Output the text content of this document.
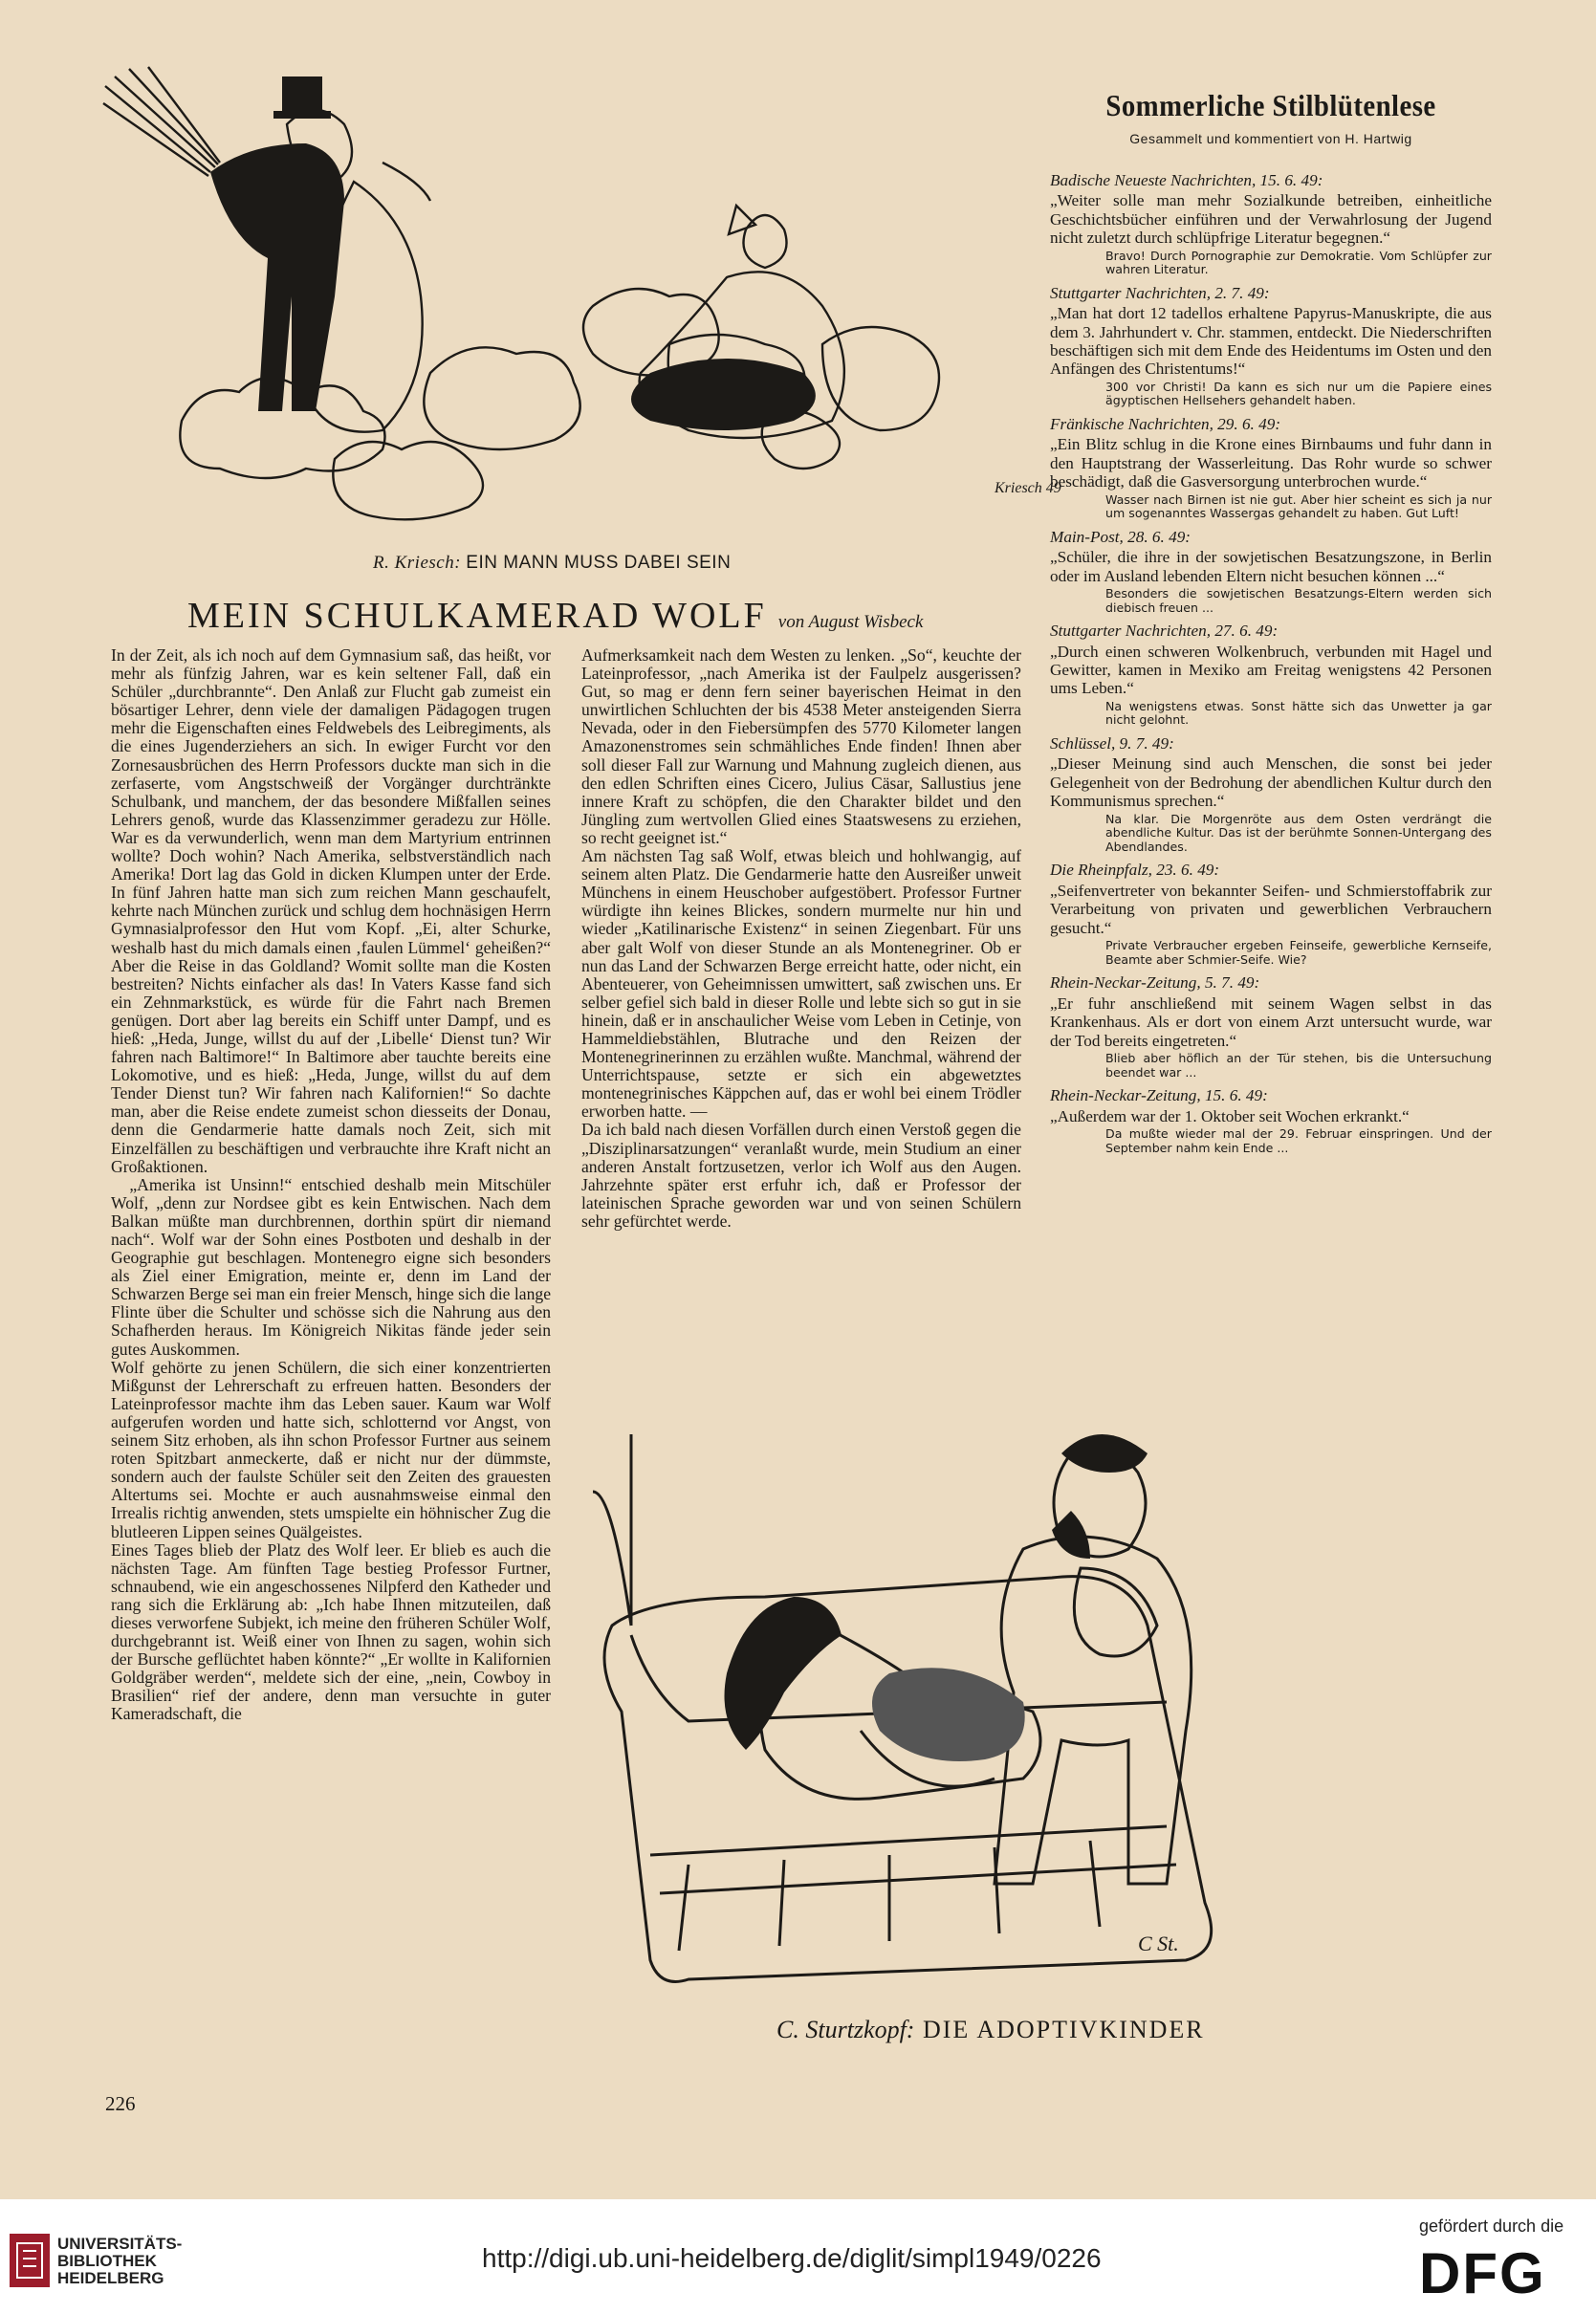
Kriesch 49
R. Kriesch: EIN MANN MUSS DABEI SEIN
MEIN SCHULKAMERAD WOLF von August Wisbeck

In der Zeit, als ich noch auf dem Gymnasium saß, das heißt, vor mehr als fünfzig Jahren, war es kein seltener Fall, daß ein Schüler „durchbrannte“. Den Anlaß zur Flucht gab zumeist ein bösartiger Lehrer, denn viele der damaligen Pädagogen trugen mehr die Eigenschaften eines Feldwebels des Leibregiments, als die eines Jugenderziehers an sich. In ewiger Furcht vor den Zornesausbrüchen des Herrn Professors duckte man sich in die zerfaserte, vom Angstschweiß der Vorgänger durchtränkte Schulbank, und manchem, der das besondere Mißfallen seines Lehrers genoß, wurde das Klassenzimmer geradezu zur Hölle. War es da verwunderlich, wenn man dem Martyrium entrinnen wollte? Doch wohin? Nach Amerika, selbstverständlich nach Amerika! Dort lag das Gold in dicken Klumpen unter der Erde. In fünf Jahren hatte man sich zum reichen Mann geschaufelt, kehrte nach München zurück und schlug dem hochnäsigen Herrn Gymnasialprofessor den Hut vom Kopf. „Ei, alter Schurke, weshalb hast du mich damals einen ‚faulen Lümmel‘ geheißen?“ Aber die Reise in das Goldland? Womit sollte man die Kosten bestreiten? Nichts einfacher als das! In Vaters Kasse fand sich ein Zehnmarkstück, es würde für die Fahrt nach Bremen genügen. Dort aber lag bereits ein Schiff unter Dampf, und es hieß: „Heda, Junge, willst du auf der ‚Libelle‘ Dienst tun? Wir fahren nach Baltimore!“ In Baltimore aber tauchte bereits eine Lokomotive, und es hieß: „Heda, Junge, willst du auf dem Tender Dienst tun? Wir fahren nach Kalifornien!“ So dachte man, aber die Reise endete zumeist schon diesseits der Donau, denn die Gendarmerie hatte damals noch Zeit, sich mit Einzelfällen zu beschäftigen und verbrauchte ihre Kraft nicht an Großaktionen.

„Amerika ist Unsinn!“ entschied deshalb mein Mitschüler Wolf, „denn zur Nordsee gibt es kein Entwischen. Nach dem Balkan müßte man durchbrennen, dorthin spürt dir niemand nach“. Wolf war der Sohn eines Postboten und deshalb in der Geographie gut beschlagen. Montenegro eigne sich besonders als Ziel einer Emigration, meinte er, denn im Land der Schwarzen Berge sei man ein freier Mensch, hinge sich die lange Flinte über die Schulter und schösse sich die Nahrung aus den Schafherden heraus. Im Königreich Nikitas fände jeder sein gutes Auskommen.

Wolf gehörte zu jenen Schülern, die sich einer konzentrierten Mißgunst der Lehrerschaft zu erfreuen hatten. Besonders der Lateinprofessor machte ihm das Leben sauer. Kaum war Wolf aufgerufen worden und hatte sich, schlotternd vor Angst, von seinem Sitz erhoben, als ihn schon Professor Furtner aus seinem roten Spitzbart anmeckerte, daß er nicht nur der dümmste, sondern auch der faulste Schüler seit den Zeiten des grauesten Altertums sei. Mochte er auch ausnahmsweise einmal den Irrealis richtig anwenden, stets umspielte ein höhnischer Zug die blutleeren Lippen seines Quälgeistes.

Eines Tages blieb der Platz des Wolf leer. Er blieb es auch die nächsten Tage. Am fünften Tage bestieg Professor Furtner, schnaubend, wie ein angeschossenes Nilpferd den Katheder und rang sich die Erklärung ab: „Ich habe Ihnen mitzuteilen, daß dieses verworfene Subjekt, ich meine den früheren Schüler Wolf, durchgebrannt ist. Weiß einer von Ihnen zu sagen, wohin sich der Bursche geflüchtet haben könnte?“ „Er wollte in Kalifornien Goldgräber werden“, meldete sich der eine, „nein, Cowboy in Brasilien“ rief der andere, denn man versuchte in guter Kameradschaft, die

Aufmerksamkeit nach dem Westen zu lenken. „So“, keuchte der Lateinprofessor, „nach Amerika ist der Faulpelz ausgerissen? Gut, so mag er denn fern seiner bayerischen Heimat in den unwirtlichen Schluchten der bis 4538 Meter ansteigenden Sierra Nevada, oder in den Fiebersümpfen des 5770 Kilometer langen Amazonenstromes sein schmähliches Ende finden! Ihnen aber soll dieser Fall zur Warnung und Mahnung zugleich dienen, aus den edlen Schriften eines Cicero, Julius Cäsar, Sallustius jene innere Kraft zu schöpfen, die den Charakter bildet und den Jüngling zum wertvollen Glied eines Staatswesens zu erziehen, so recht geeignet ist.“

Am nächsten Tag saß Wolf, etwas bleich und hohlwangig, auf seinem alten Platz. Die Gendarmerie hatte den Ausreißer unweit Münchens in einem Heuschober aufgestöbert. Professor Furtner würdigte ihn keines Blickes, sondern murmelte nur hin und wieder „Katilinarische Existenz“ in seinen Ziegenbart. Für uns aber galt Wolf von dieser Stunde an als Montenegriner. Ob er nun das Land der Schwarzen Berge erreicht hatte, oder nicht, ein Abenteuerer, von Geheimnissen umwittert, saß zwischen uns. Er selber gefiel sich bald in dieser Rolle und lebte sich so gut in sie hinein, daß er in anschaulicher Weise vom Leben in Cetinje, von Hammeldiebstählen, Blutrache und den Reizen der Montenegrinerinnen zu erzählen wußte. Manchmal, während der Unterrichtspause, setzte er sich ein abgewetztes montenegrinisches Käppchen auf, das er wohl bei einem Trödler erworben hatte. —

Da ich bald nach diesen Vorfällen durch einen Verstoß gegen die „Disziplinarsatzungen“ veranlaßt wurde, mein Studium an einer anderen Anstalt fortzusetzen, verlor ich Wolf aus den Augen. Jahrzehnte später erst erfuhr ich, daß er Professor der lateinischen Sprache geworden war und von seinen Schülern sehr gefürchtet werde.

Sommerliche Stilblütenlese
Gesammelt und kommentiert von H. Hartwig
Badische Neueste Nachrichten, 15. 6. 49:

„Weiter solle man mehr Sozialkunde betreiben, einheitliche Geschichtsbücher einführen und der Verwahrlosung der Jugend nicht zuletzt durch schlüpfrige Literatur begegnen.“

Bravo! Durch Pornographie zur Demokratie. Vom Schlüpfer zur wahren Literatur.

Stuttgarter Nachrichten, 2. 7. 49:

„Man hat dort 12 tadellos erhaltene Papyrus-Manuskripte, die aus dem 3. Jahrhundert v. Chr. stammen, entdeckt. Die Niederschriften beschäftigen sich mit dem Ende des Heidentums im Osten und den Anfängen des Christentums!“

300 vor Christi! Da kann es sich nur um die Papiere eines ägyptischen Hellsehers gehandelt haben.

Fränkische Nachrichten, 29. 6. 49:

„Ein Blitz schlug in die Krone eines Birnbaums und fuhr dann in den Hauptstrang der Wasserleitung. Das Rohr wurde so schwer beschädigt, daß die Gasversorgung unterbrochen wurde.“

Wasser nach Birnen ist nie gut. Aber hier scheint es sich ja nur um sogenanntes Wassergas gehandelt zu haben. Gut Luft!

Main-Post, 28. 6. 49:

„Schüler, die ihre in der sowjetischen Besatzungszone, in Berlin oder im Ausland lebenden Eltern nicht besuchen können ...“

Besonders die sowjetischen Besatzungs-Eltern werden sich diebisch freuen ...

Stuttgarter Nachrichten, 27. 6. 49:

„Durch einen schweren Wolkenbruch, verbunden mit Hagel und Gewitter, kamen in Mexiko am Freitag wenigstens 42 Personen ums Leben.“

Na wenigstens etwas. Sonst hätte sich das Unwetter ja gar nicht gelohnt.

Schlüssel, 9. 7. 49:

„Dieser Meinung sind auch Menschen, die sonst bei jeder Gelegenheit von der Bedrohung der abendlichen Kultur durch den Kommunismus sprechen.“

Na klar. Die Morgenröte aus dem Osten verdrängt die abendliche Kultur. Das ist der berühmte Sonnen-Untergang des Abendlandes.

Die Rheinpfalz, 23. 6. 49:

„Seifenvertreter von bekannter Seifen- und Schmierstoffabrik zur Verarbeitung von privaten und gewerblichen Verbrauchern gesucht.“

Private Verbraucher ergeben Feinseife, gewerbliche Kernseife, Beamte aber Schmier-Seife. Wie?

Rhein-Neckar-Zeitung, 5. 7. 49:

„Er fuhr anschließend mit seinem Wagen selbst in das Krankenhaus. Als er dort von einem Arzt untersucht wurde, war der Tod bereits eingetreten.“

Blieb aber höflich an der Tür stehen, bis die Untersuchung beendet war ...

Rhein-Neckar-Zeitung, 15. 6. 49:

„Außerdem war der 1. Oktober seit Wochen erkrankt.“

Da mußte wieder mal der 29. Februar einspringen. Und der September nahm kein Ende ...

C St.
C. Sturtzkopf: DIE ADOPTIVKINDER
226
UNIVERSITÄTS-
BIBLIOTHEK
HEIDELBERG
http://digi.ub.uni-heidelberg.de/diglit/simpl1949/0226
gefördert durch die
DFG
